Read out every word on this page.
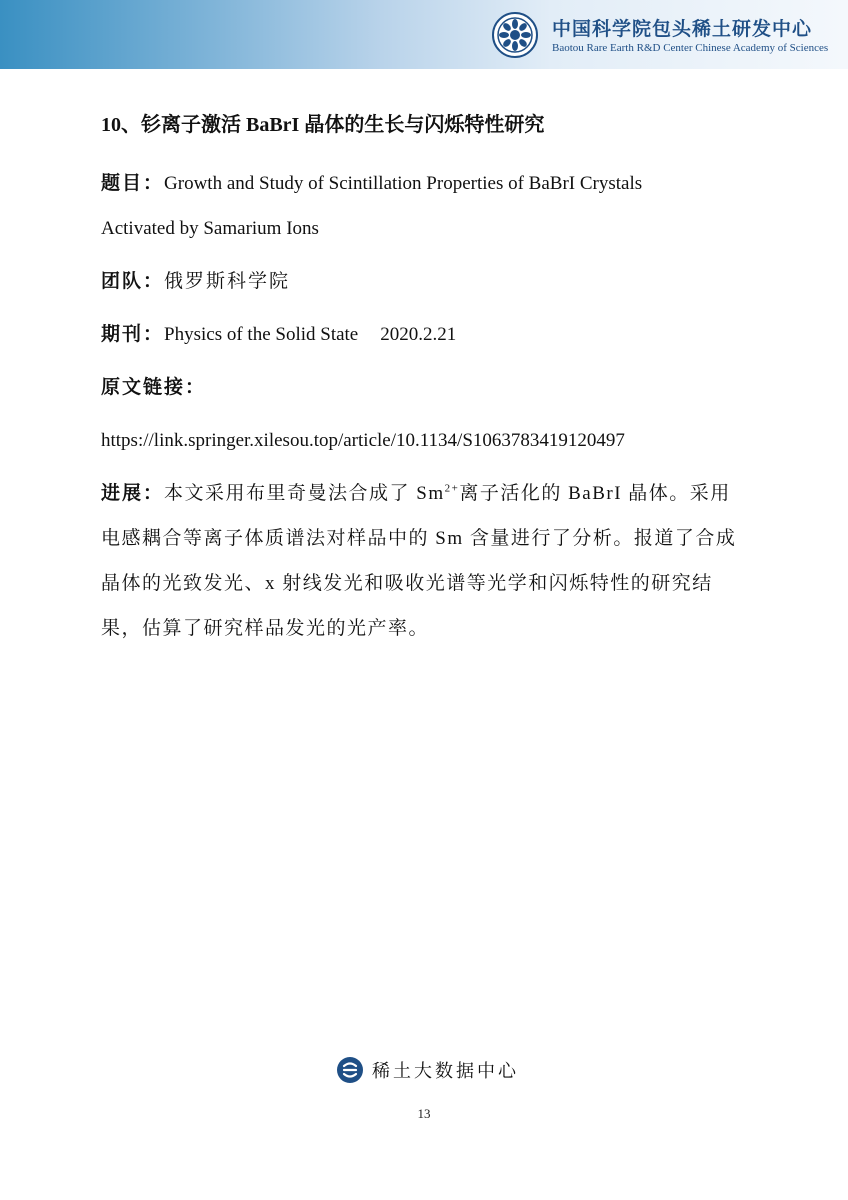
中国科学院包头稀土研发中心
Baotou Rare Earth R&D Center Chinese Academy of Sciences
10、钐离子激活 BaBrI 晶体的生长与闪烁特性研究
题目：Growth and Study of Scintillation Properties of BaBrI Crystals
Activated by Samarium Ions
团队：俄罗斯科学院
期刊：Physics of the Solid State 2020.2.21
原文链接：
https://link.springer.xilesou.top/article/10.1134/S1063783419120497
进展：本文采用布里奇曼法合成了 $Sm^{2+}$离子活化的 BaBrI 晶体。采用电感耦合等离子体质谱法对样品中的 Sm 含量进行了分析。报道了合成晶体的光致发光、x 射线发光和吸收光谱等光学和闪烁特性的研究结果，估算了研究样品发光的光产率。
稀土大数据中心
13
